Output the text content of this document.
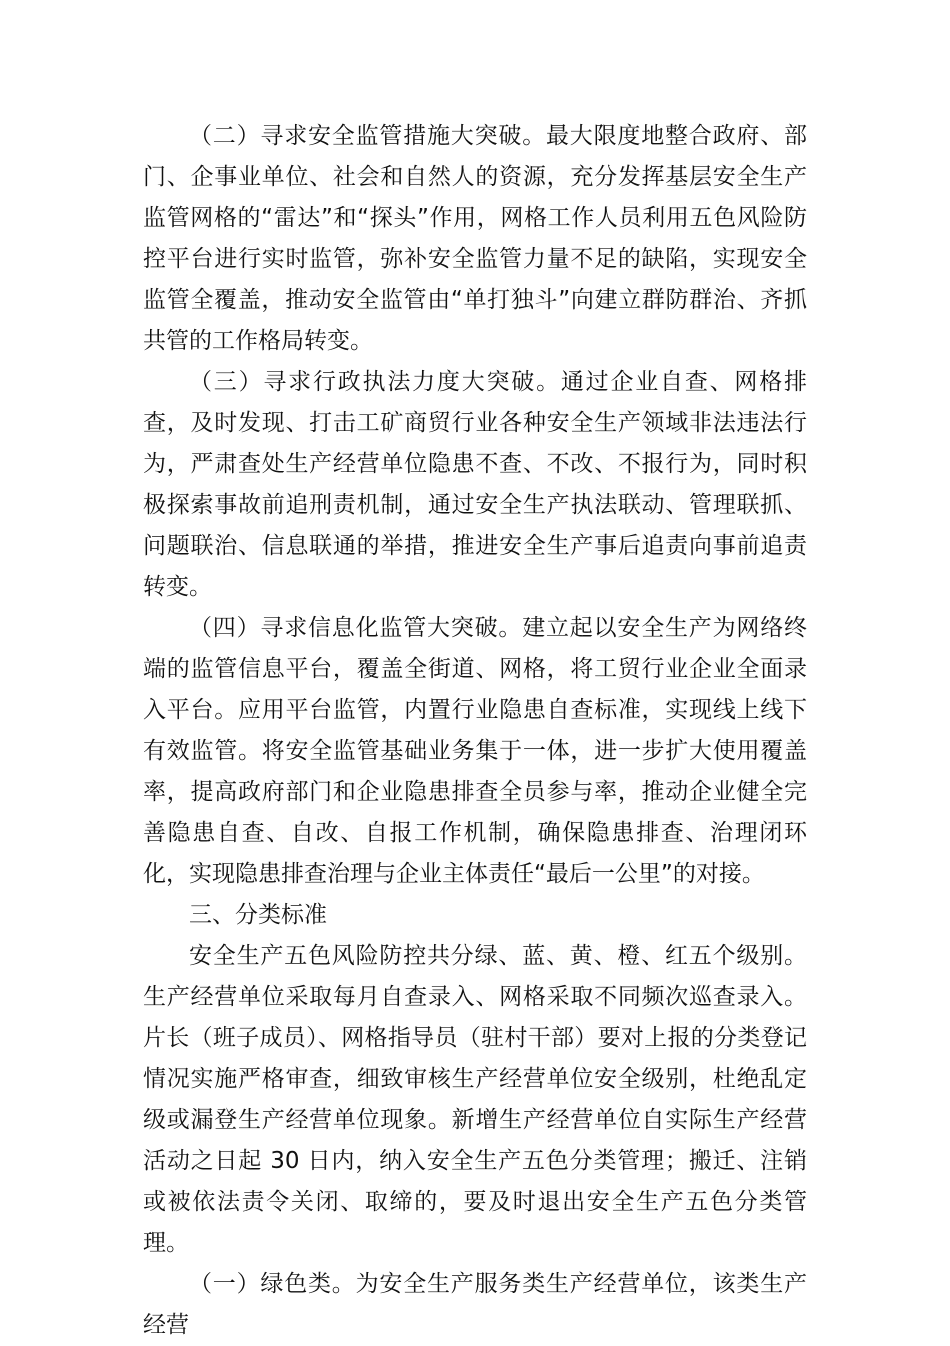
（二）寻求安全监管措施大突破。最大限度地整合政府、部门、企事业单位、社会和自然人的资源，充分发挥基层安全生产监管网格的“雷达”和“探头”作用，网格工作人员利用五色风险防控平台进行实时监管，弥补安全监管力量不足的缺陷，实现安全监管全覆盖，推动安全监管由“单打独斗”向建立群防群治、齐抓共管的工作格局转变。

（三）寻求行政执法力度大突破。通过企业自查、网格排查，及时发现、打击工矿商贸行业各种安全生产领域非法违法行为，严肃查处生产经营单位隐患不查、不改、不报行为，同时积极探索事故前追刑责机制，通过安全生产执法联动、管理联抓、问题联治、信息联通的举措，推进安全生产事后追责向事前追责转变。

（四）寻求信息化监管大突破。建立起以安全生产为网络终端的监管信息平台，覆盖全街道、网格，将工贸行业企业全面录入平台。应用平台监管，内置行业隐患自查标准，实现线上线下有效监管。将安全监管基础业务集于一体，进一步扩大使用覆盖率，提高政府部门和企业隐患排查全员参与率，推动企业健全完善隐患自查、自改、自报工作机制，确保隐患排查、治理闭环化，实现隐患排查治理与企业主体责任“最后一公里”的对接。

三、分类标准

安全生产五色风险防控共分绿、蓝、黄、橙、红五个级别。生产经营单位采取每月自查录入、网格采取不同频次巡查录入。片长（班子成员）、网格指导员（驻村干部）要对上报的分类登记情况实施严格审查，细致审核生产经营单位安全级别，杜绝乱定级或漏登生产经营单位现象。新增生产经营单位自实际生产经营活动之日起 30 日内，纳入安全生产五色分类管理；搬迁、注销或被依法责令关闭、取缔的，要及时退出安全生产五色分类管理。

（一）绿色类。为安全生产服务类生产经营单位，该类生产经营
